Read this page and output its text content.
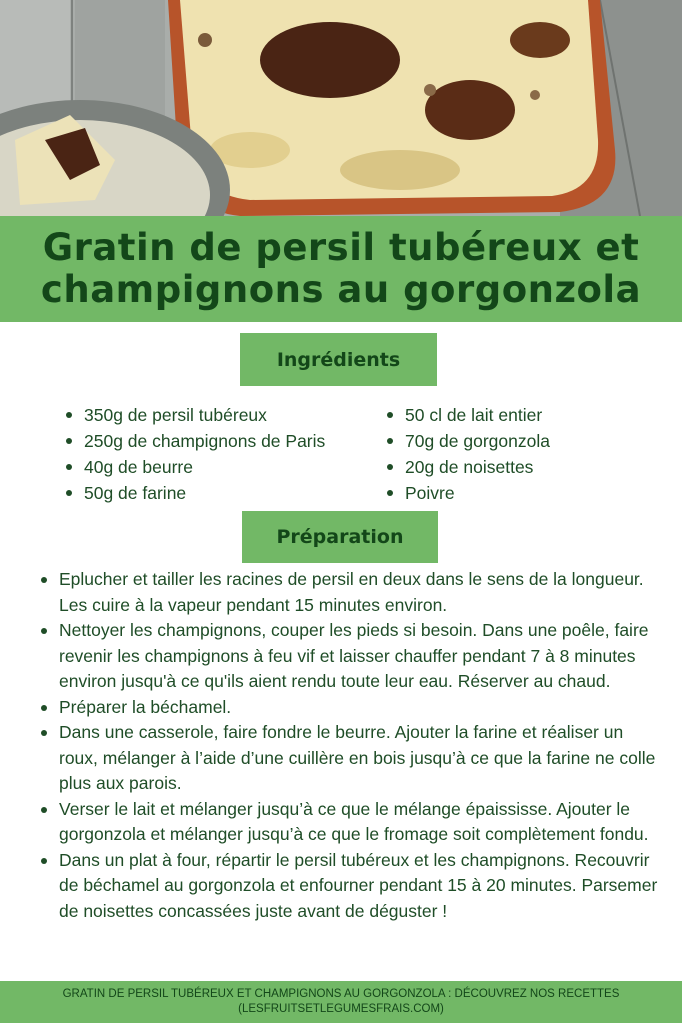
Gratin de persil tubéreux et
champignons au gorgonzola
Ingrédients
350g de persil tubéreux
250g de champignons de Paris
40g de beurre
50g de farine
50 cl de lait entier
70g de gorgonzola
20g de noisettes
Poivre
Préparation
Eplucher et tailler les racines de persil en deux dans le sens de la longueur. Les cuire à la vapeur pendant 15 minutes environ.
Nettoyer les champignons, couper les pieds si besoin. Dans une poêle, faire revenir les champignons à feu vif et laisser chauffer pendant 7 à 8 minutes environ jusqu'à ce qu'ils aient rendu toute leur eau. Réserver au chaud.
Préparer la béchamel.
Dans une casserole, faire fondre le beurre. Ajouter la farine et réaliser un roux, mélanger à l’aide d’une cuillère en bois jusqu’à ce que la farine ne colle plus aux parois.
Verser le lait et mélanger jusqu’à ce que le mélange épaississe. Ajouter le gorgonzola et mélanger jusqu’à ce que le fromage soit complètement fondu.
Dans un plat à four, répartir le persil tubéreux et les champignons. Recouvrir de béchamel au gorgonzola et enfourner pendant 15 à 20 minutes. Parsemer de noisettes concassées juste avant de déguster !
GRATIN DE PERSIL TUBÉREUX ET CHAMPIGNONS AU GORGONZOLA : DÉCOUVREZ NOS RECETTES
(LESFRUITSETLEGUMESFRAIS.COM)
